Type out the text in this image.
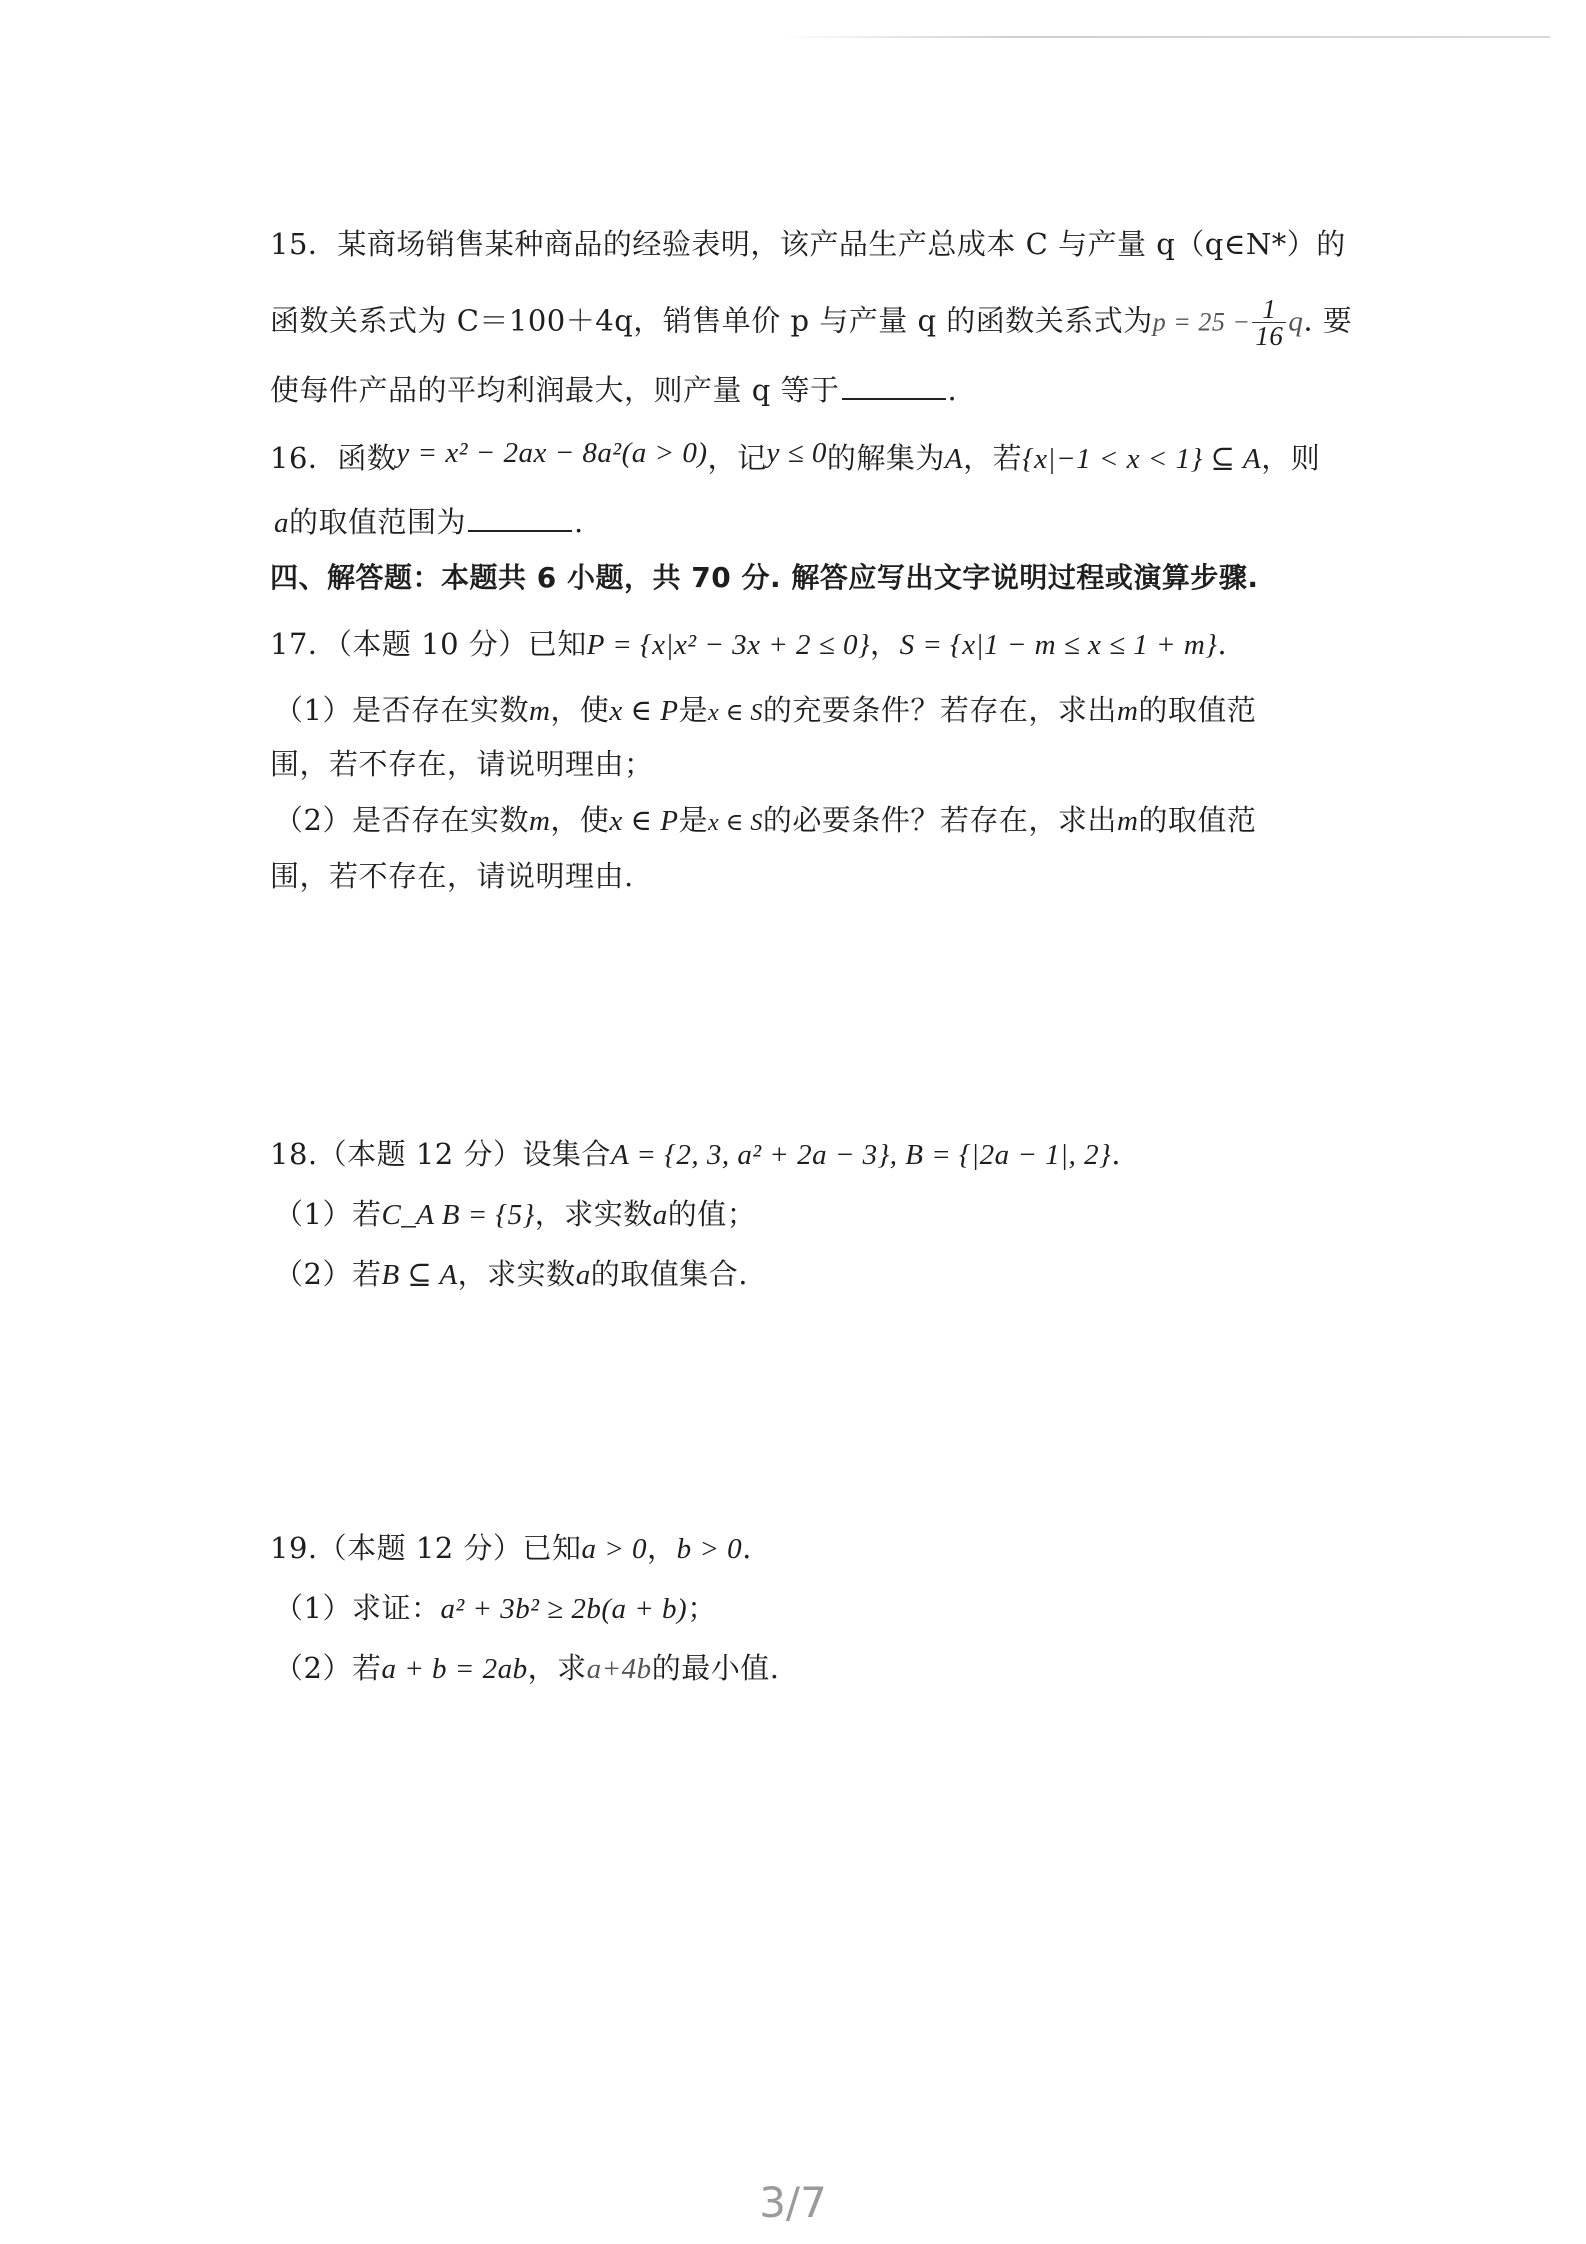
15．某商场销售某种商品的经验表明，该产品生产总成本 C 与产量 q（q∈N*）的
函数关系式为 C＝100＋4q，销售单价 p 与产量 q 的函数关系式为$p = 25 - \frac{1}{16} q$. 要
使每件产品的平均利润最大，则产量 q 等于	.
16．函数y = x² − 2ax − 8a²(a > 0)，记y ≤ 0的解集为A，若{x|−1 < x < 1} ⊆ A，则
a的取值范围为	.
四、解答题：本题共 6 小题，共 70 分. 解答应写出文字说明过程或演算步骤.
17．（本题 10 分）已知P = {x|x² − 3x + 2 ≤ 0}，S = {x|1 − m ≤ x ≤ 1 + m}.
（1）是否存在实数m，使x ∈ P是x ∈ S的充要条件？若存在，求出m的取值范
围，若不存在，请说明理由；
（2）是否存在实数m，使x ∈ P是x ∈ S的必要条件？若存在，求出m的取值范
围，若不存在，请说明理由.
18.（本题 12 分）设集合A = {2, 3, a² + 2a − 3}, B = {|2a − 1|, 2}.
（1）若C_A B = {5}，求实数a的值；
（2）若B ⊆ A，求实数a的取值集合.
19.（本题 12 分）已知a > 0，b > 0.
（1）求证：a² + 3b² ≥ 2b(a + b)；
（2）若a + b = 2ab，求a+4b的最小值.
3/7
